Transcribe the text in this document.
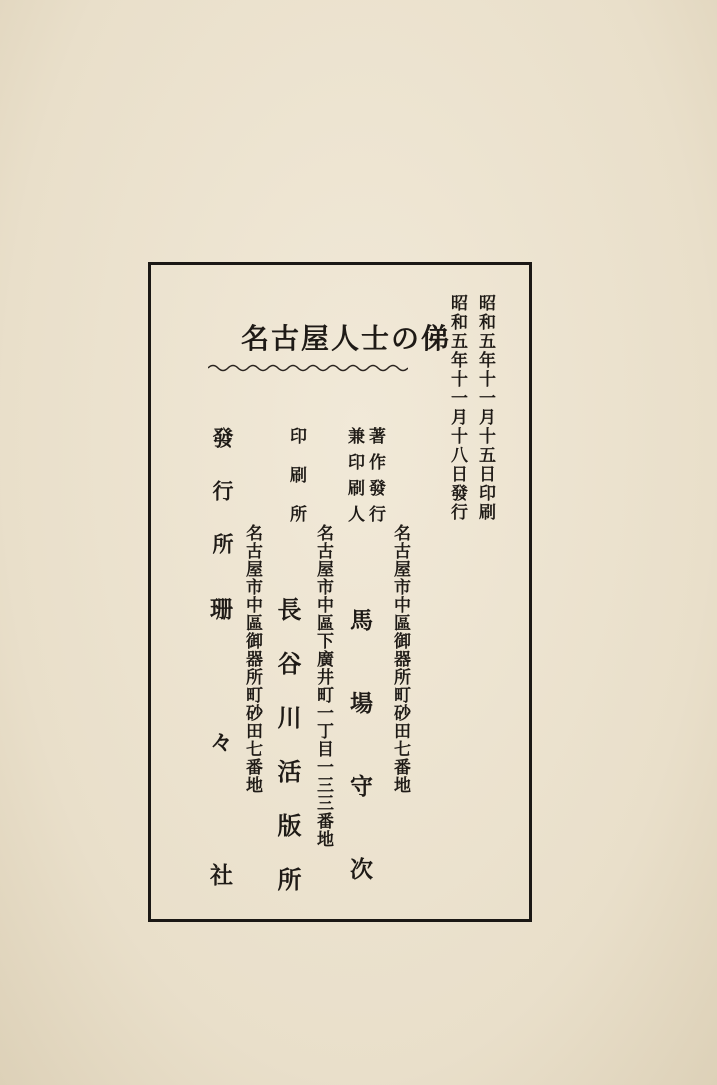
名古屋人士の俤 昭和五年十一月十五日印刷
昭和五年十一月十八日發行
著作發行
兼印刷人
名古屋市中區御器所町砂田七番地
馬場守次
印刷所
名古屋市中區下廣井町一丁目一三三番地
長谷川活版所
發行所
名古屋市中區御器所町砂田七番地
珊々社
